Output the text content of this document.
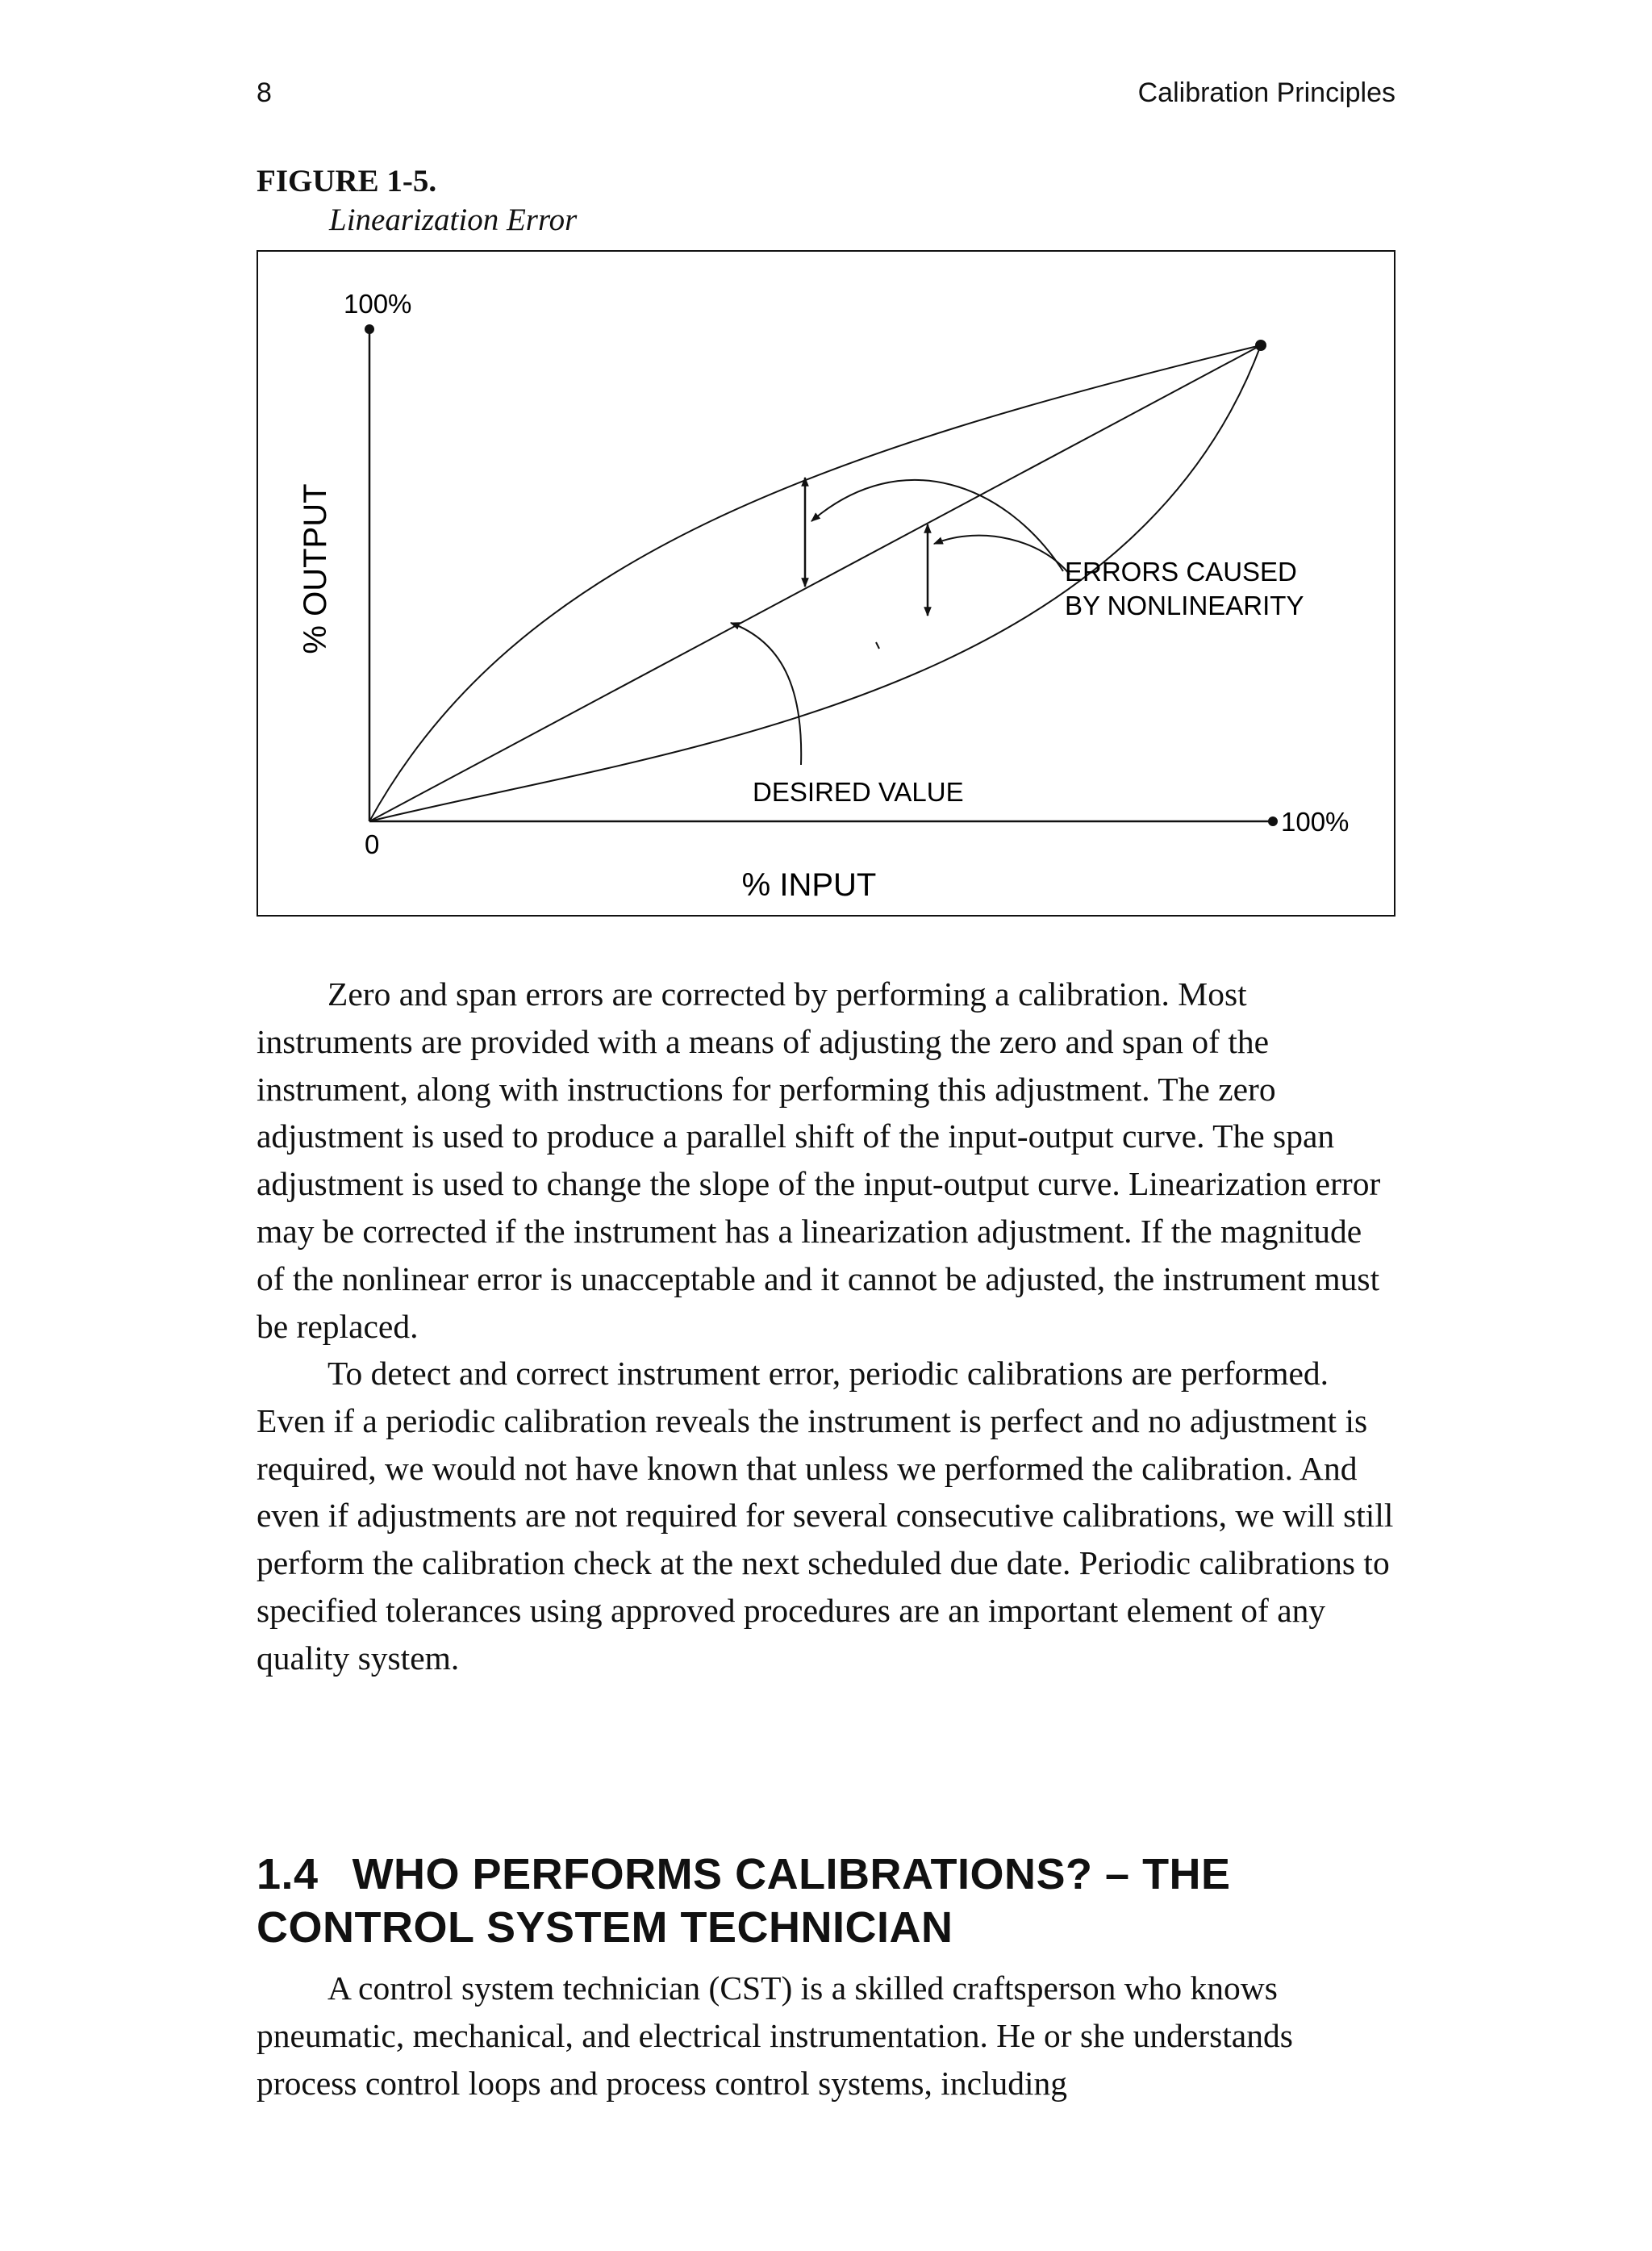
8	Calibration Principles
FIGURE 1-5.
Linearization Error
100%
100%
0
% OUTPUT
% INPUT
ERRORS CAUSED
BY NONLINEARITY
DESIRED VALUE

Zero and span errors are corrected by performing a calibration. Most instruments are provided with a means of adjusting the zero and span of the instrument, along with instructions for performing this adjustment. The zero adjustment is used to produce a parallel shift of the input-output curve. The span adjustment is used to change the slope of the input-output curve. Linearization error may be corrected if the instrument has a linearization adjustment. If the magnitude of the nonlinear error is unacceptable and it cannot be adjusted, the instrument must be replaced.

To detect and correct instrument error, periodic calibrations are performed. Even if a periodic calibration reveals the instrument is perfect and no adjustment is required, we would not have known that unless we performed the calibration. And even if adjustments are not required for several consecutive calibrations, we will still perform the calibration check at the next scheduled due date. Periodic calibrations to specified tolerances using approved procedures are an important element of any quality system.

1.4 WHO PERFORMS CALIBRATIONS? – THE CONTROL SYSTEM TECHNICIAN

A control system technician (CST) is a skilled craftsperson who knows pneumatic, mechanical, and electrical instrumentation. He or she understands process control loops and process control systems, including
